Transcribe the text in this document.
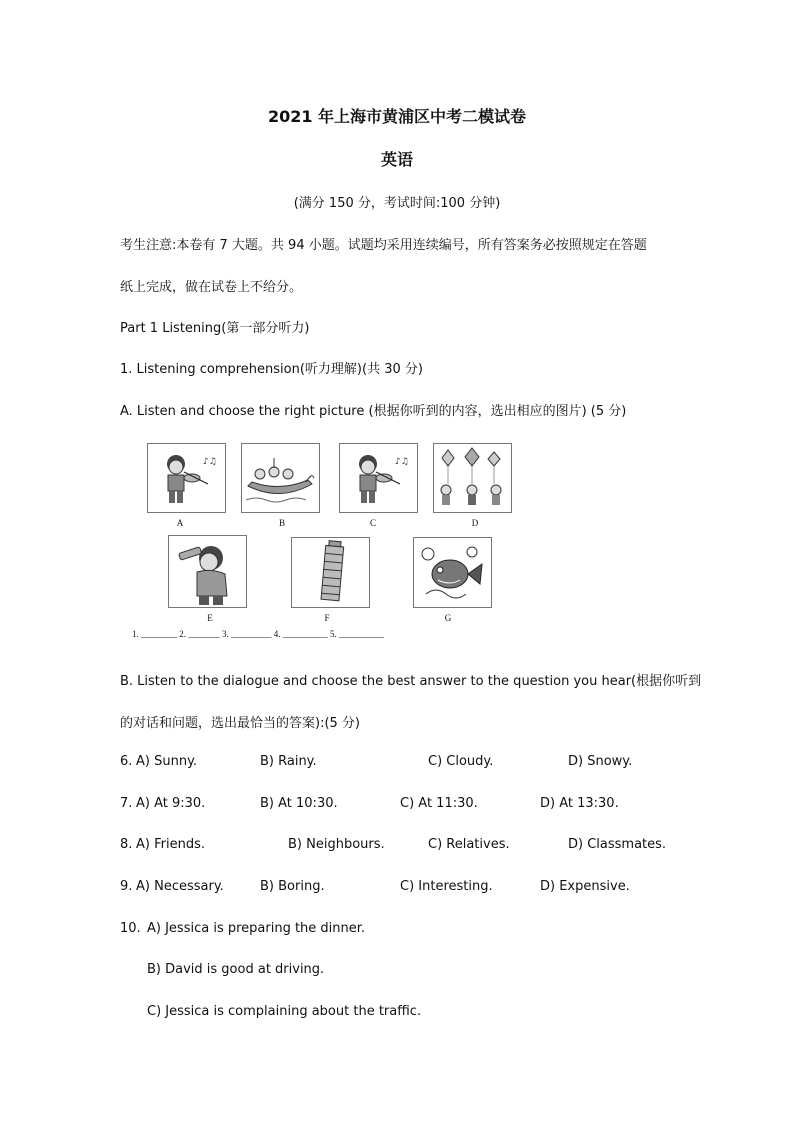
2021 年上海市黄浦区中考二模试卷
英语
(满分 150 分，考试时间:100 分钟)
考生注意:本卷有 7 大题。共 94 小题。试题均采用连续编号，所有答案务必按照规定在答题
纸上完成，做在试卷上不给分。
Part 1 Listening(第一部分听力)
1. Listening comprehension(听力理解)(共 30 分)
A. Listen and choose the right picture (根据你听到的内容，选出相应的图片) (5 分)
♪♫
A	B
♪♫
C	D
E	F	G
1. ________ 2. _______ 3. _________ 4. __________ 5. __________
B. Listen to the dialogue and choose the best answer to the question you hear(根据你听到
的对话和问题，选出最恰当的答案):(5 分)
6. A) Sunny.	B) Rainy.	C) Cloudy.	D) Snowy.
7. A) At 9:30.	B) At 10:30.	C) At 11:30.	D) At 13:30.
8. A) Friends.	B) Neighbours.	C) Relatives.	D) Classmates.
9. A) Necessary.	B) Boring.	C) Interesting.	D) Expensive.
10. A) Jessica is preparing the dinner.
B) David is good at driving.
C) Jessica is complaining about the traffic.
